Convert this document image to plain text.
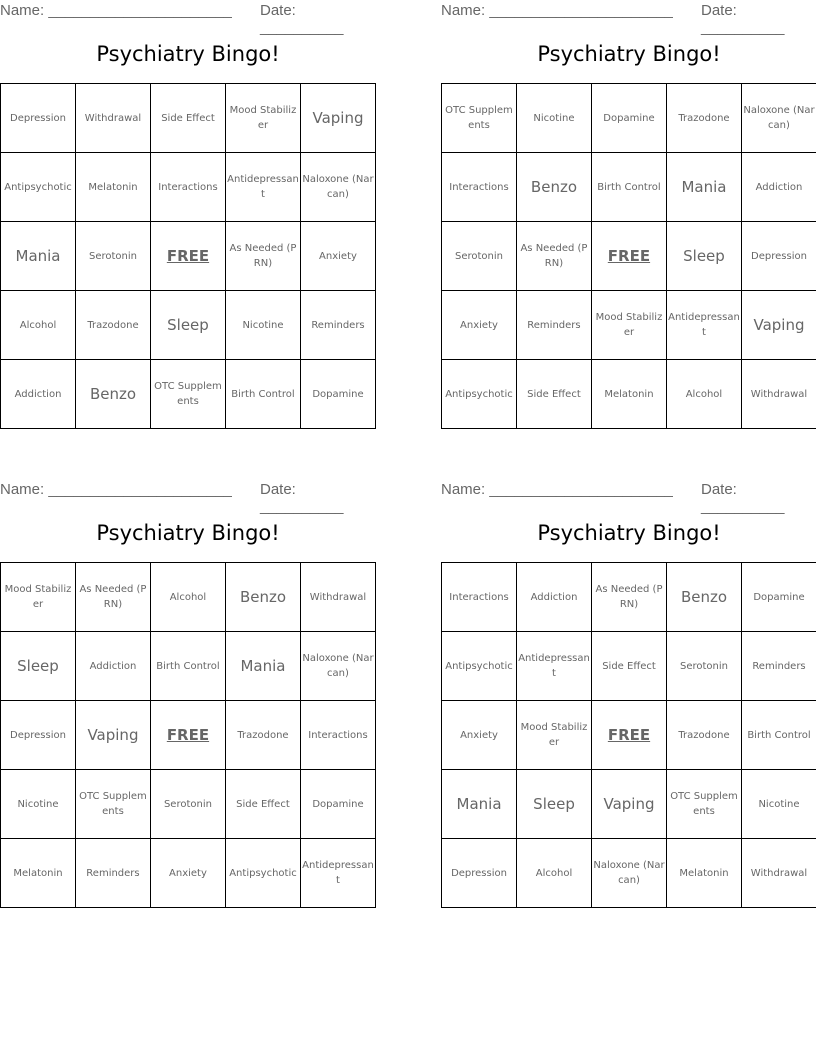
Name: ______________________ Date: __________
Psychiatry Bingo!
Depression	Withdrawal	Side Effect	Mood Stabilizer	Vaping
Antipsychotic	Melatonin	Interactions	Antidepressant	Naloxone (Narcan)
Mania	Serotonin	FREE	As Needed (PRN)	Anxiety
Alcohol	Trazodone	Sleep	Nicotine	Reminders
Addiction	Benzo	OTC Supplements	Birth Control	Dopamine
Name: ______________________ Date: __________
Psychiatry Bingo!
OTC Supplements	Nicotine	Dopamine	Trazodone	Naloxone (Narcan)
Interactions	Benzo	Birth Control	Mania	Addiction
Serotonin	As Needed (PRN)	FREE	Sleep	Depression
Anxiety	Reminders	Mood Stabilizer	Antidepressant	Vaping
Antipsychotic	Side Effect	Melatonin	Alcohol	Withdrawal
Name: ______________________ Date: __________
Psychiatry Bingo!
Mood Stabilizer	As Needed (PRN)	Alcohol	Benzo	Withdrawal
Sleep	Addiction	Birth Control	Mania	Naloxone (Narcan)
Depression	Vaping	FREE	Trazodone	Interactions
Nicotine	OTC Supplements	Serotonin	Side Effect	Dopamine
Melatonin	Reminders	Anxiety	Antipsychotic	Antidepressant
Name: ______________________ Date: __________
Psychiatry Bingo!
Interactions	Addiction	As Needed (PRN)	Benzo	Dopamine
Antipsychotic	Antidepressant	Side Effect	Serotonin	Reminders
Anxiety	Mood Stabilizer	FREE	Trazodone	Birth Control
Mania	Sleep	Vaping	OTC Supplements	Nicotine
Depression	Alcohol	Naloxone (Narcan)	Melatonin	Withdrawal
